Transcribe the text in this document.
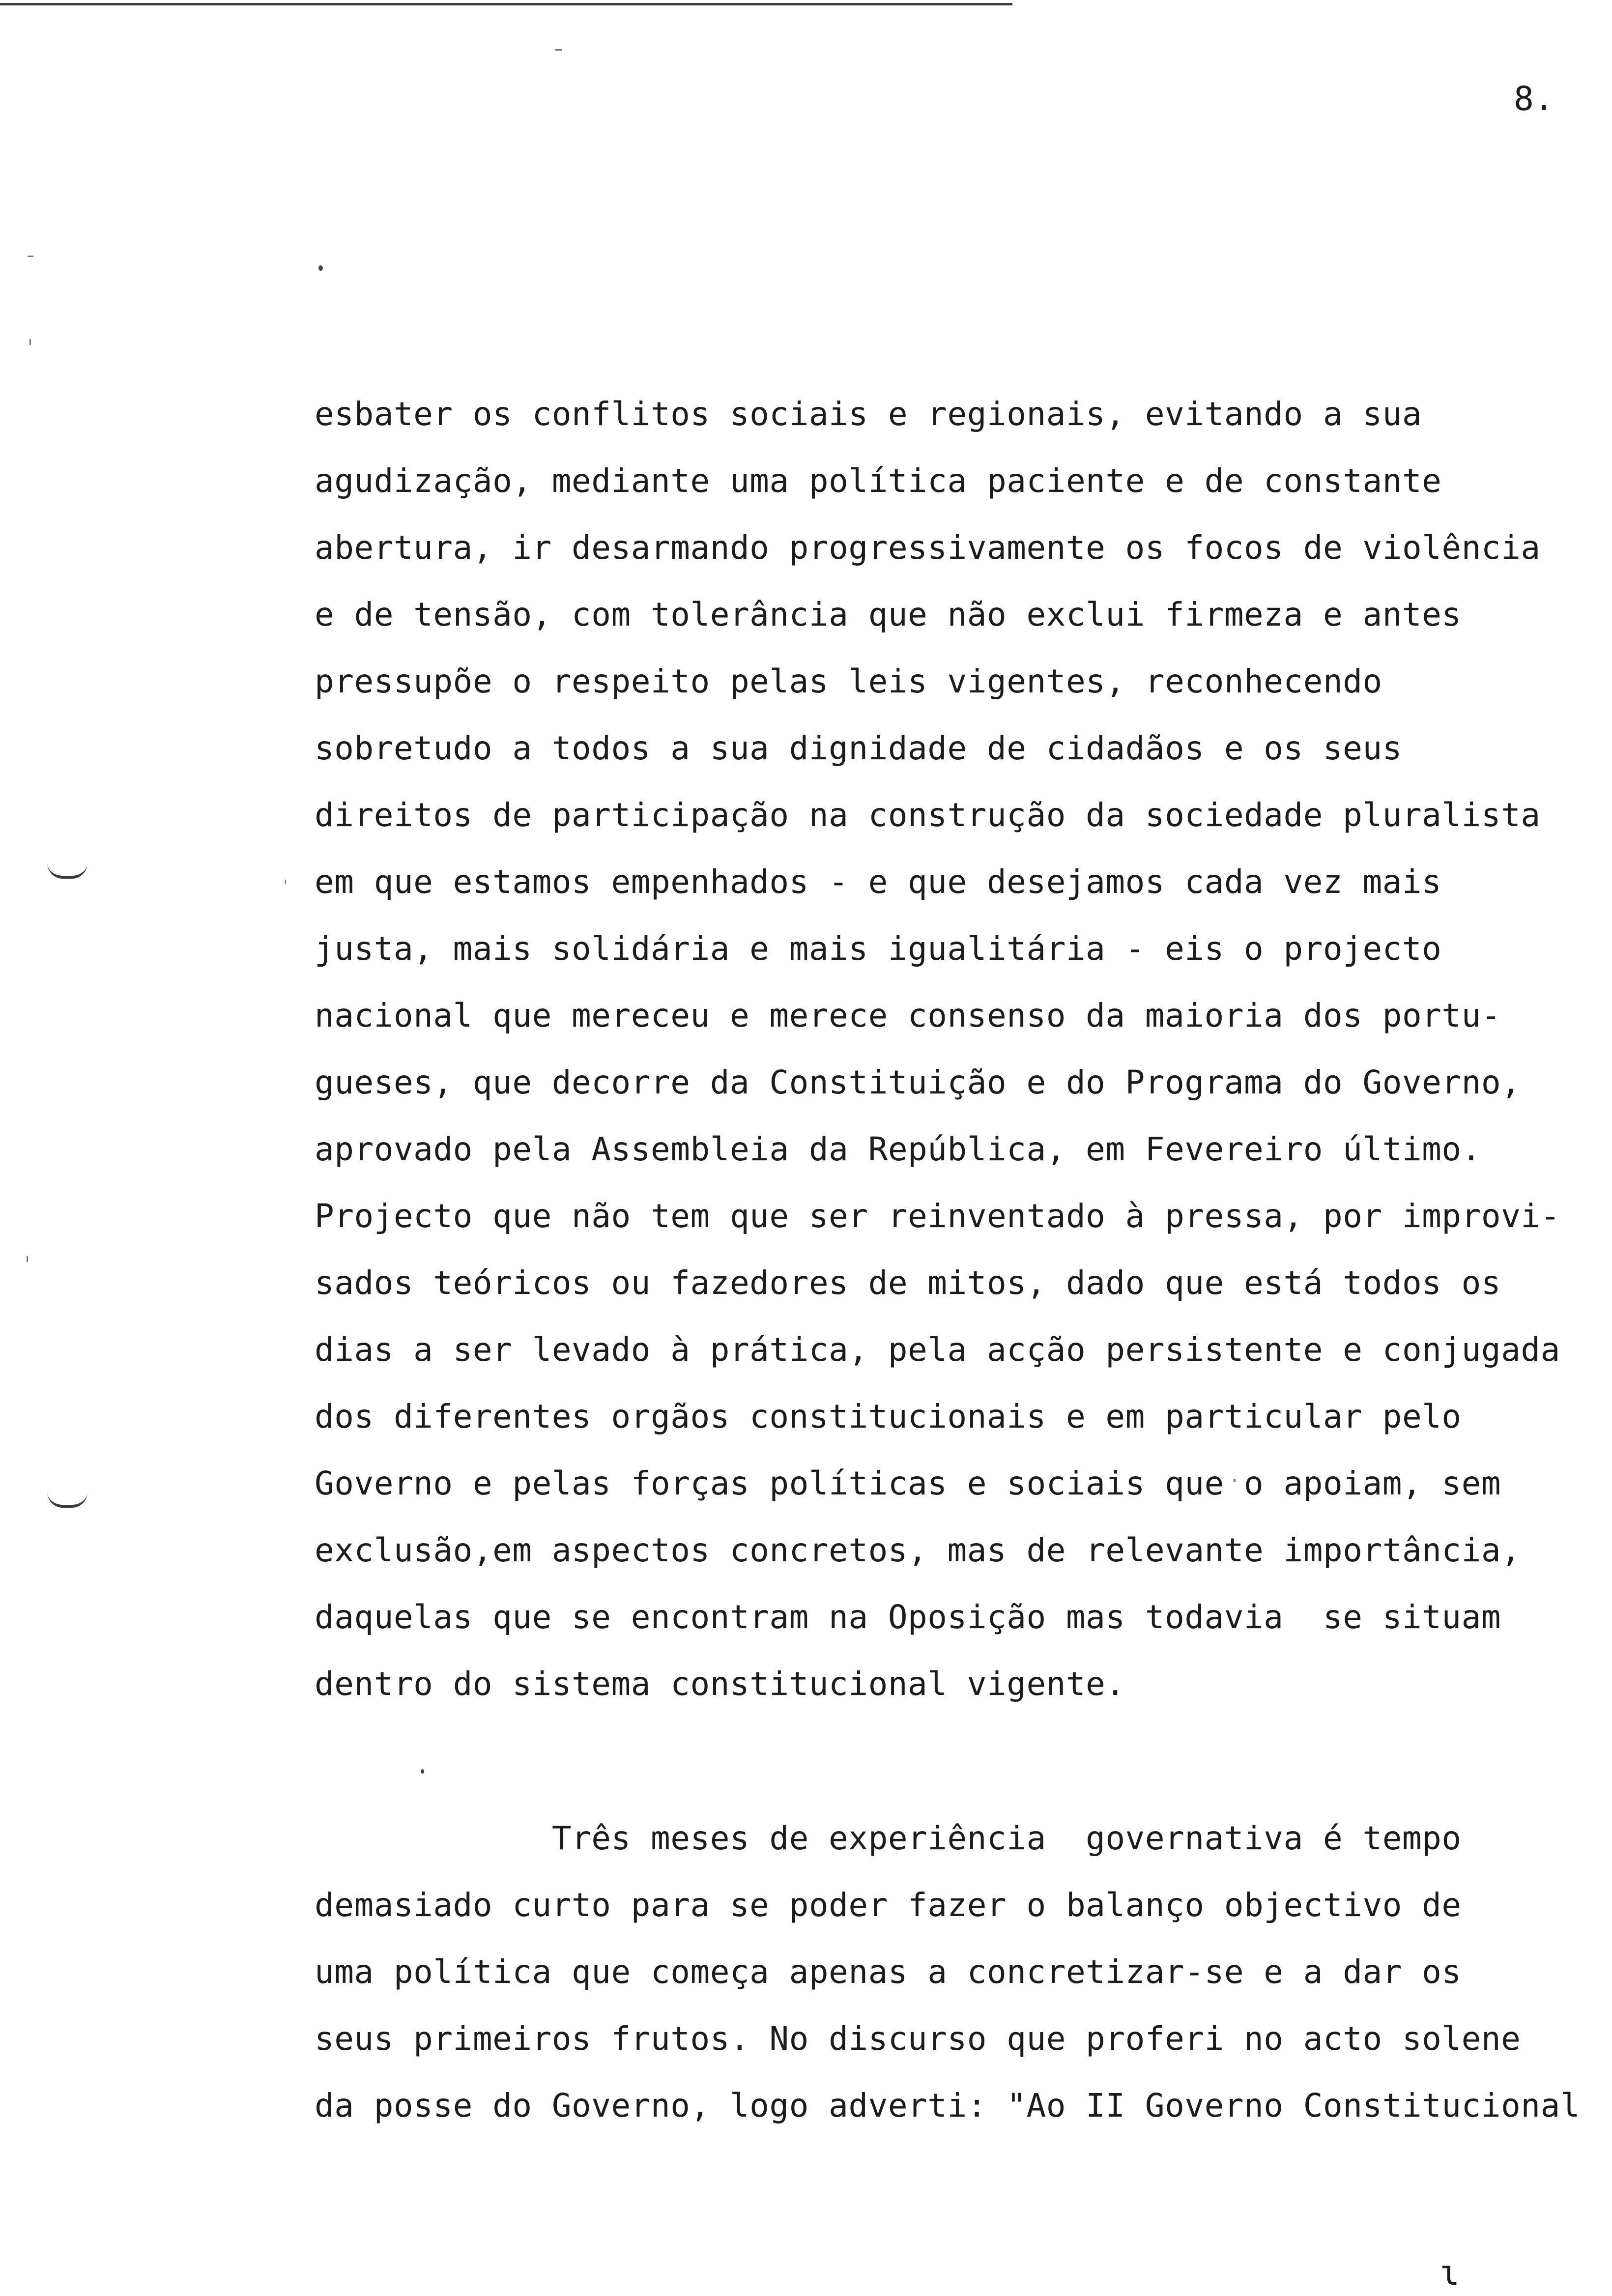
8.
esbater os conflitos sociais e regionais, evitando a sua
agudização, mediante uma política paciente e de constante
abertura, ir desarmando progressivamente os focos de violência
e de tensão, com tolerância que não exclui firmeza e antes
pressupõe o respeito pelas leis vigentes, reconhecendo
sobretudo a todos a sua dignidade de cidadãos e os seus
direitos de participação na construção da sociedade pluralista
em que estamos empenhados - e que desejamos cada vez mais
justa, mais solidária e mais igualitária - eis o projecto
nacional que mereceu e merece consenso da maioria dos portu-
gueses, que decorre da Constituição e do Programa do Governo,
aprovado pela Assembleia da República, em Fevereiro último.
Projecto que não tem que ser reinventado à pressa, por improvi-
sados teóricos ou fazedores de mitos, dado que está todos os
dias a ser levado à prática, pela acção persistente e conjugada
dos diferentes orgãos constitucionais e em particular pelo
Governo e pelas forças políticas e sociais que o apoiam, sem
exclusão,em aspectos concretos, mas de relevante importância,
daquelas que se encontram na Oposição mas todavia  se situam
dentro do sistema constitucional vigente.
Três meses de experiência  governativa é tempo
demasiado curto para se poder fazer o balanço objectivo de
uma política que começa apenas a concretizar-se e a dar os
seus primeiros frutos. No discurso que proferi no acto solene
da posse do Governo, logo adverti: "Ao II Governo Constitucional
ɩ
